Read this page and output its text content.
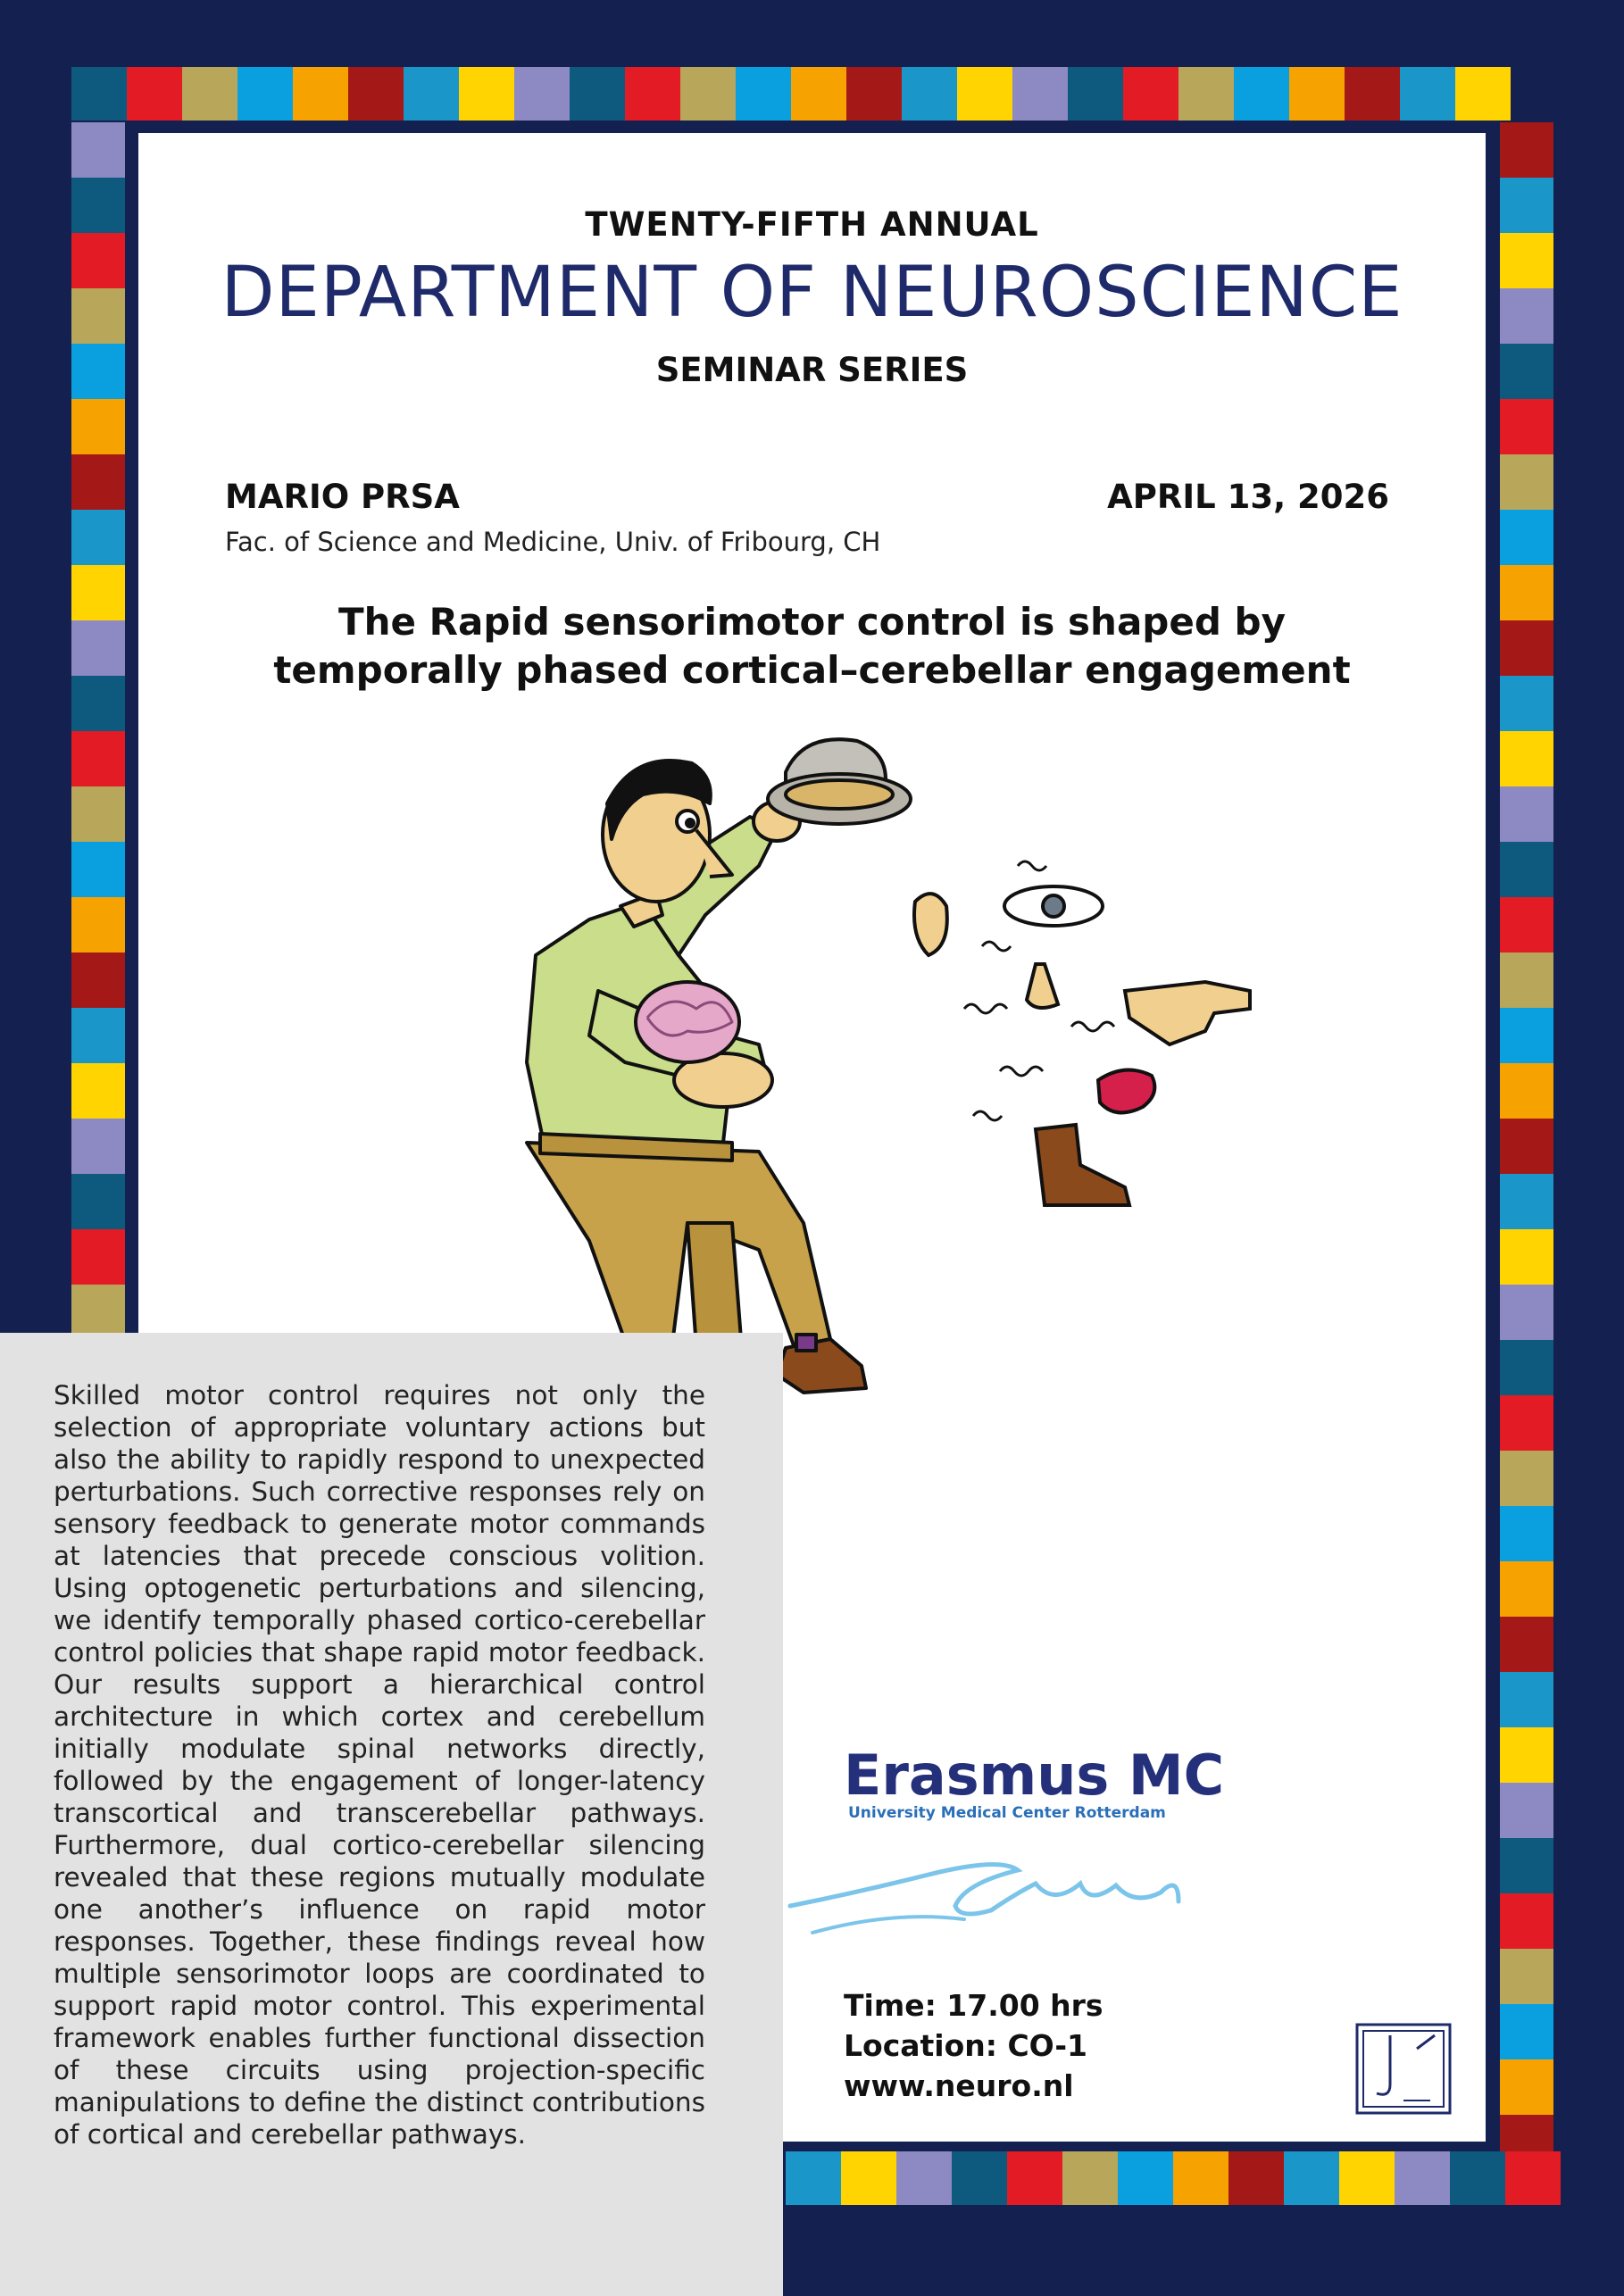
TWENTY-FIFTH ANNUAL
DEPARTMENT OF NEUROSCIENCE
SEMINAR SERIES
MARIO PRSA
Fac. of Science and Medicine, Univ. of Fribourg, CH
APRIL 13, 2026
The Rapid sensorimotor control is shaped by
temporally phased cortical–cerebellar engagement
Skilled motor control requires not only the selection of appropriate voluntary actions but also the ability to rapidly respond to unexpected perturbations. Such corrective responses rely on sensory feedback to generate motor commands at latencies that precede conscious volition. Using optogenetic perturbations and silencing, we identify temporally phased cortico-cerebellar control policies that shape rapid motor feedback. Our results support a hierarchical control architecture in which cortex and cerebellum initially modulate spinal networks directly, followed by the engagement of longer-latency transcortical and transcerebellar pathways. Furthermore, dual cortico-cerebellar silencing revealed that these regions mutually modulate one another’s influence on rapid motor responses. Together, these findings reveal how multiple sensorimotor loops are coordinated to support rapid motor control. This experimental framework enables further functional dissection of these circuits using projection-specific manipulations to define the distinct contributions of cortical and cerebellar pathways.
Erasmus MC
University Medical Center Rotterdam
Time: 17.00 hrs
Location: CO-1
www.neuro.nl
